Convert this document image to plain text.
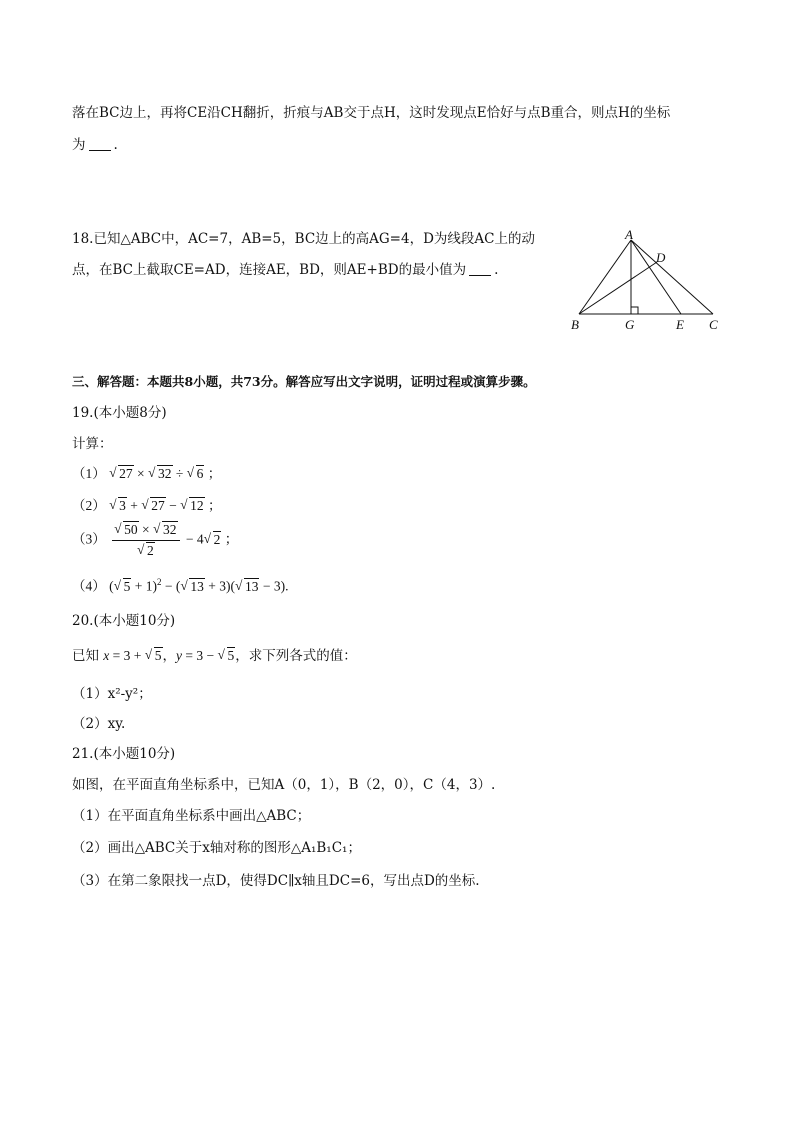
落在BC边上，再将CE沿CH翻折，折痕与AB交于点H，这时发现点E恰好与点B重合，则点H的坐标
为 .
18.已知△ABC中，AC=7，AB=5，BC边上的高AG=4，D为线段AC上的动
点，在BC上截取CE=AD，连接AE，BD，则AE+BD的最小值为 .
A
D
B	G	E C
三、解答题：本题共8小题，共73分。解答应写出文字说明，证明过程或演算步骤。
19.(本小题8分)
计算：
（1） √ 27 × √ 32 ÷ √ 6 ；
（2） √ 3 + √ 27 − √ 12 ；
（3） √ 50 × √ 32
√ 2 − 4 √ 2 ；
（4） ( √ 5 + 1)$^2$ − ( √ 13 + 3)( √ 13 − 3).
20.(本小题10分)
已知 x = 3 + √ 5，y = 3 − √ 5，求下列各式的值：
（1）x²-y²；
（2）xy.
21.(本小题10分)
如图，在平面直角坐标系中，已知A（0，1），B（2，0），C（4，3）.
（1）在平面直角坐标系中画出△ABC；
（2）画出△ABC关于x轴对称的图形△A₁B₁C₁；
（3）在第二象限找一点D，使得DC∥x轴且DC=6，写出点D的坐标.
